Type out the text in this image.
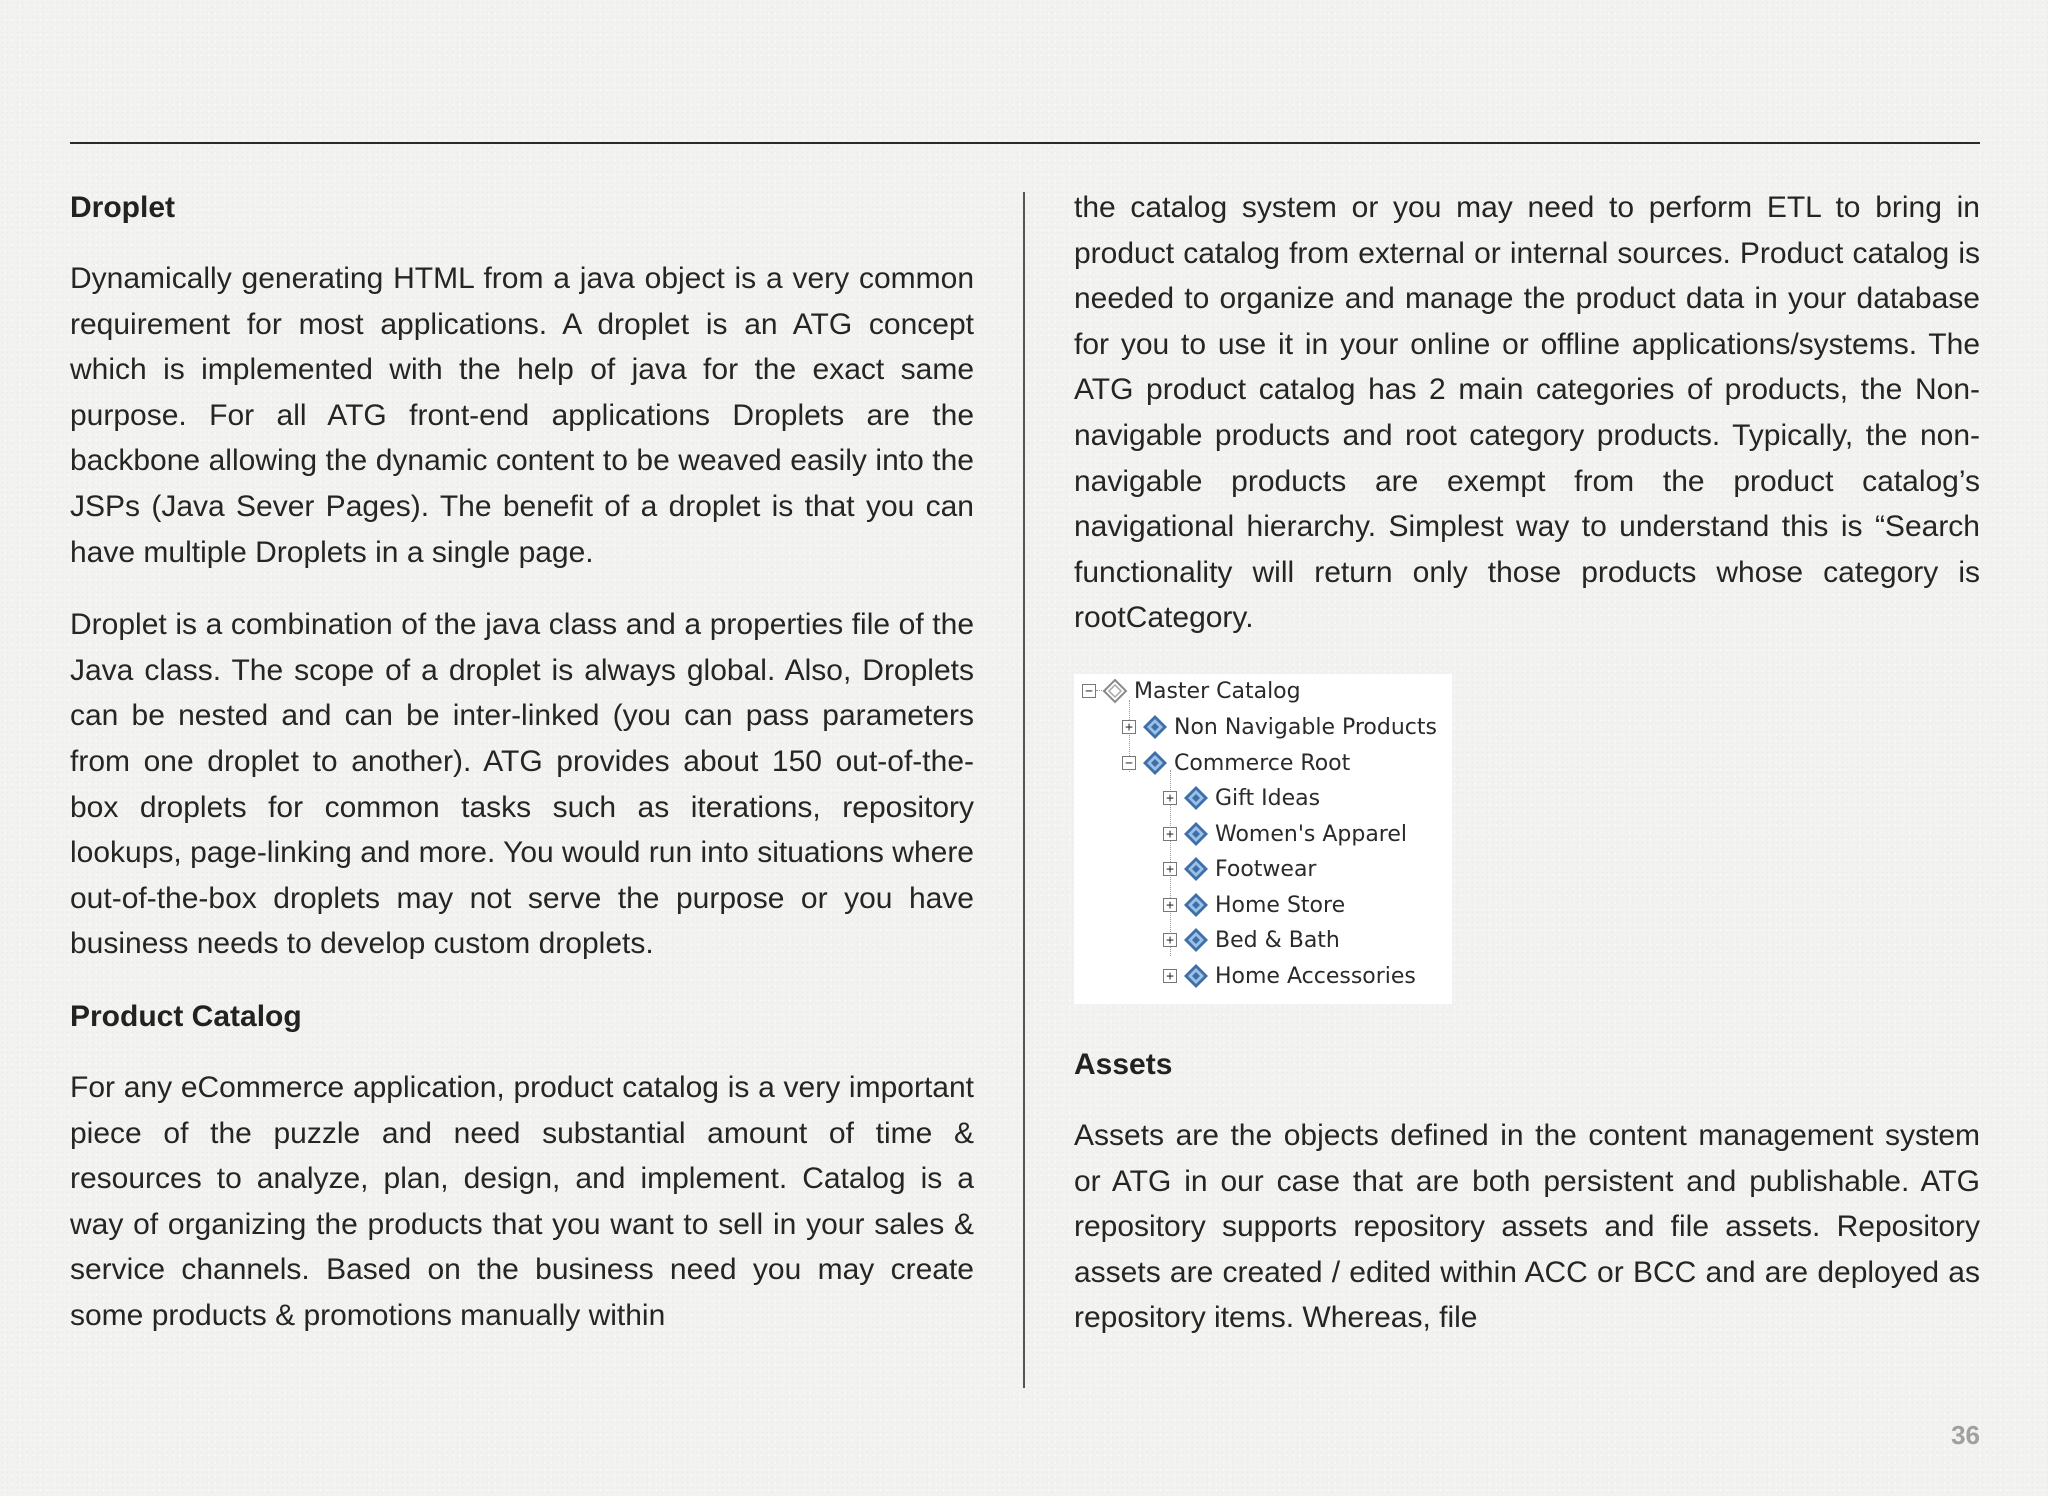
Droplet

Dynamically generating HTML from a java object is a very common requirement for most applications. A droplet is an ATG concept which is implemented with the help of java for the exact same purpose. For all ATG front-end applications Droplets are the backbone allowing the dynamic content to be weaved easily into the JSPs (Java Sever Pages). The benefit of a droplet is that you can have multiple Droplets in a single page.

Droplet is a combination of the java class and a properties file of the Java class. The scope of a droplet is always global. Also, Droplets can be nested and can be inter-linked (you can pass parameters from one droplet to another). ATG provides about 150 out-of-the-box droplets for common tasks such as iterations, repository lookups, page-linking and more. You would run into situations where out-of-the-box droplets may not serve the purpose or you have business needs to develop custom droplets.

Product Catalog

For any eCommerce application, product catalog is a very important piece of the puzzle and need substantial amount of time & resources to analyze, plan, design, and implement. Catalog is a way of organizing the products that you want to sell in your sales & service channels. Based on the business need you may create some products & promotions manually within

the catalog system or you may need to perform ETL to bring in product catalog from external or internal sources. Product catalog is needed to organize and manage the product data in your database for you to use it in your online or offline applications/systems. The ATG product catalog has 2 main categories of products, the Non-navigable products and root category products. Typically, the non-navigable products are exempt from the product catalog’s navigational hierarchy. Simplest way to understand this is “Search functionality will return only those products whose category is rootCategory.

− Master Catalog
+ Non Navigable Products
− Commerce Root
+ Gift Ideas
+ Women's Apparel
+ Footwear
+ Home Store
+ Bed & Bath
+ Home Accessories
Assets

Assets are the objects defined in the content management system or ATG in our case that are both persistent and publishable. ATG repository supports repository assets and file assets. Repository assets are created / edited within ACC or BCC and are deployed as repository items. Whereas, file

36
